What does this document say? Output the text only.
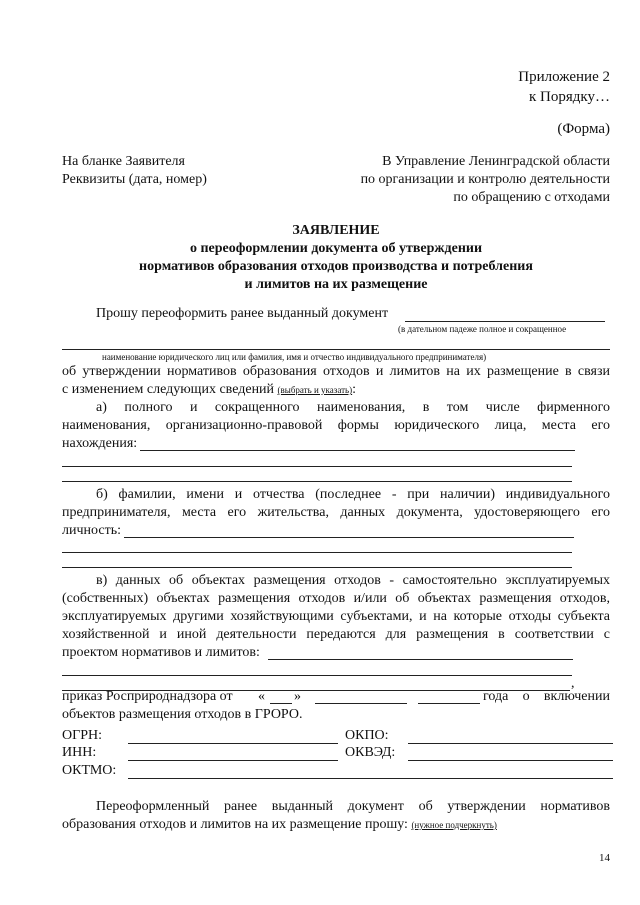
Приложение 2
к Порядку…
(Форма)
На бланке Заявителя
Реквизиты (дата, номер)
В Управление Ленинградской области
по организации и контролю деятельности
по обращению с отходами
ЗАЯВЛЕНИЕ
о переоформлении документа об утверждении
нормативов образования отходов производства и потребления
и лимитов на их размещение
Прошу переоформить ранее выданный документ
(в дательном падеже полное и сокращенное
наименование юридического лиц или фамилия, имя и отчество индивидуального предпринимателя)
об утверждении нормативов образования отходов и лимитов на их размещение в связи
с изменением следующих сведений (выбрать и указать):
а) полного и сокращенного наименования, в том числе фирменного
наименования, организационно-правовой формы юридического лица, места его
нахождения:
б) фамилии, имени и отчества (последнее - при наличии) индивидуального
предпринимателя, места его жительства, данных документа, удостоверяющего его
личность:
в) данных об объектах размещения отходов - самостоятельно эксплуатируемых
(собственных) объектах размещения отходов и/или об объектах размещения отходов,
эксплуатируемых другими хозяйствующими субъектами, и на которые отходы субъекта
хозяйственной и иной деятельности передаются для размещения в соответствии с
проектом нормативов и лимитов:
,
приказ Росприроднадзора от « »	года о включении
объектов размещения отходов в ГРОРО.
ОГРН:	ОКПО:
ИНН:	ОКВЭД:
ОКТМО:
Переоформленный ранее выданный документ об утверждении нормативов
образования отходов и лимитов на их размещение прошу: (нужное подчеркнуть)
14
